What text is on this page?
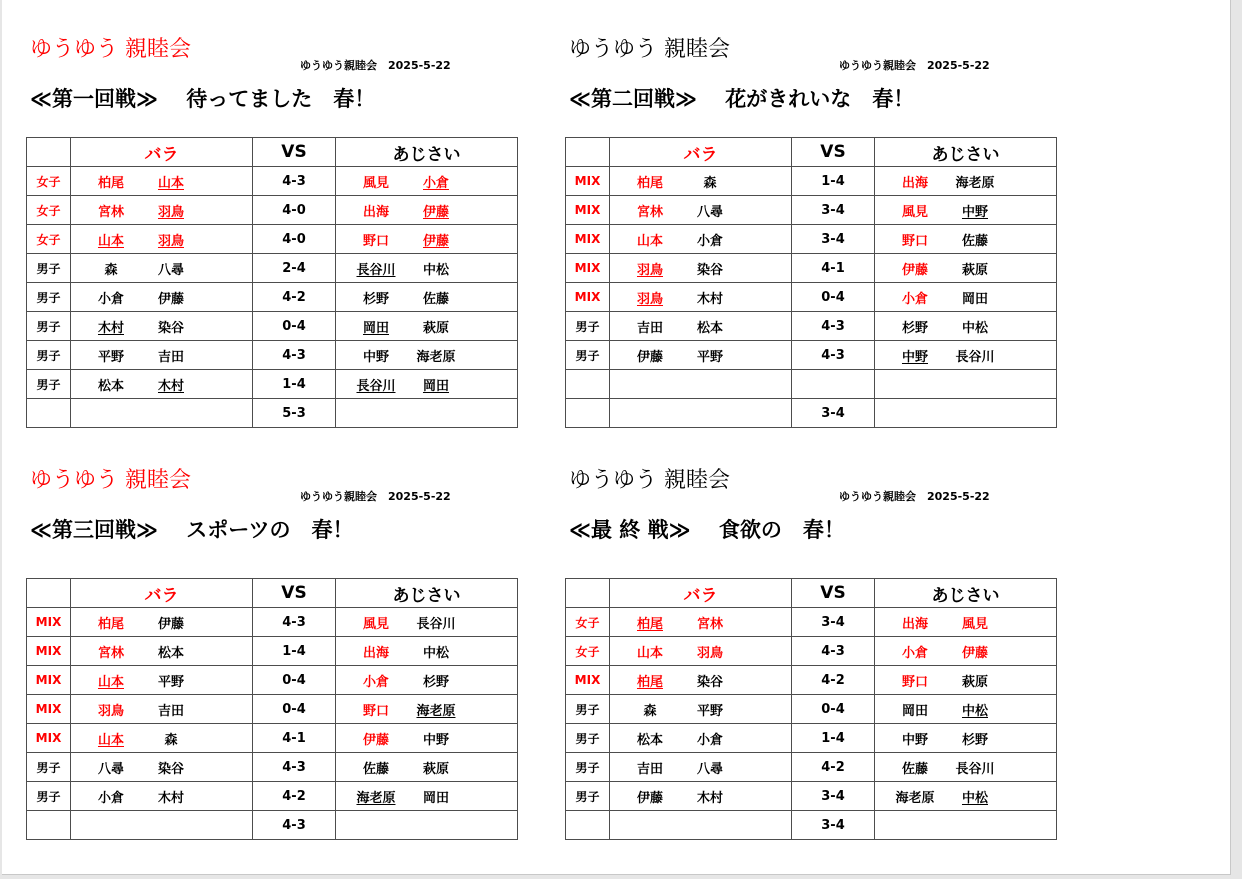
ゆうゆう 親睦会
ゆうゆう親睦会　2025-5-22
≪第一回戦≫　 待ってました　春！
	バラ	VS	あじさい
女子	柏尾 山本	4-3	風見 小倉
女子	宮林 羽鳥	4-0	出海 伊藤
女子	山本 羽鳥	4-0	野口 伊藤
男子	森 八尋	2-4	長谷川 中松
男子	小倉 伊藤	4-2	杉野 佐藤
男子	木村 染谷	0-4	岡田 萩原
男子	平野 吉田	4-3	中野 海老原
男子	松本 木村	1-4	長谷川 岡田
		5-3	
ゆうゆう 親睦会
ゆうゆう親睦会　2025-5-22
≪第二回戦≫　 花がきれいな　春！
	バラ	VS	あじさい
MIX	柏尾 森	1-4	出海 海老原
MIX	宮林 八尋	3-4	風見 中野
MIX	山本 小倉	3-4	野口 佐藤
MIX	羽鳥 染谷	4-1	伊藤 萩原
MIX	羽鳥 木村	0-4	小倉 岡田
男子	吉田 松本	4-3	杉野 中松
男子	伊藤 平野	4-3	中野 長谷川

		3-4	
ゆうゆう 親睦会
ゆうゆう親睦会　2025-5-22
≪第三回戦≫　 スポーツの　春！
	バラ	VS	あじさい
MIX	柏尾 伊藤	4-3	風見 長谷川
MIX	宮林 松本	1-4	出海 中松
MIX	山本 平野	0-4	小倉 杉野
MIX	羽鳥 吉田	0-4	野口 海老原
MIX	山本 森	4-1	伊藤 中野
男子	八尋 染谷	4-3	佐藤 萩原
男子	小倉 木村	4-2	海老原 岡田
		4-3	
ゆうゆう 親睦会
ゆうゆう親睦会　2025-5-22
≪最 終 戦≫　 食欲の　春！
	バラ	VS	あじさい
女子	柏尾 宮林	3-4	出海 風見
女子	山本 羽鳥	4-3	小倉 伊藤
MIX	柏尾 染谷	4-2	野口 萩原
男子	森 平野	0-4	岡田 中松
男子	松本 小倉	1-4	中野 杉野
男子	吉田 八尋	4-2	佐藤 長谷川
男子	伊藤 木村	3-4	海老原 中松
		3-4	
